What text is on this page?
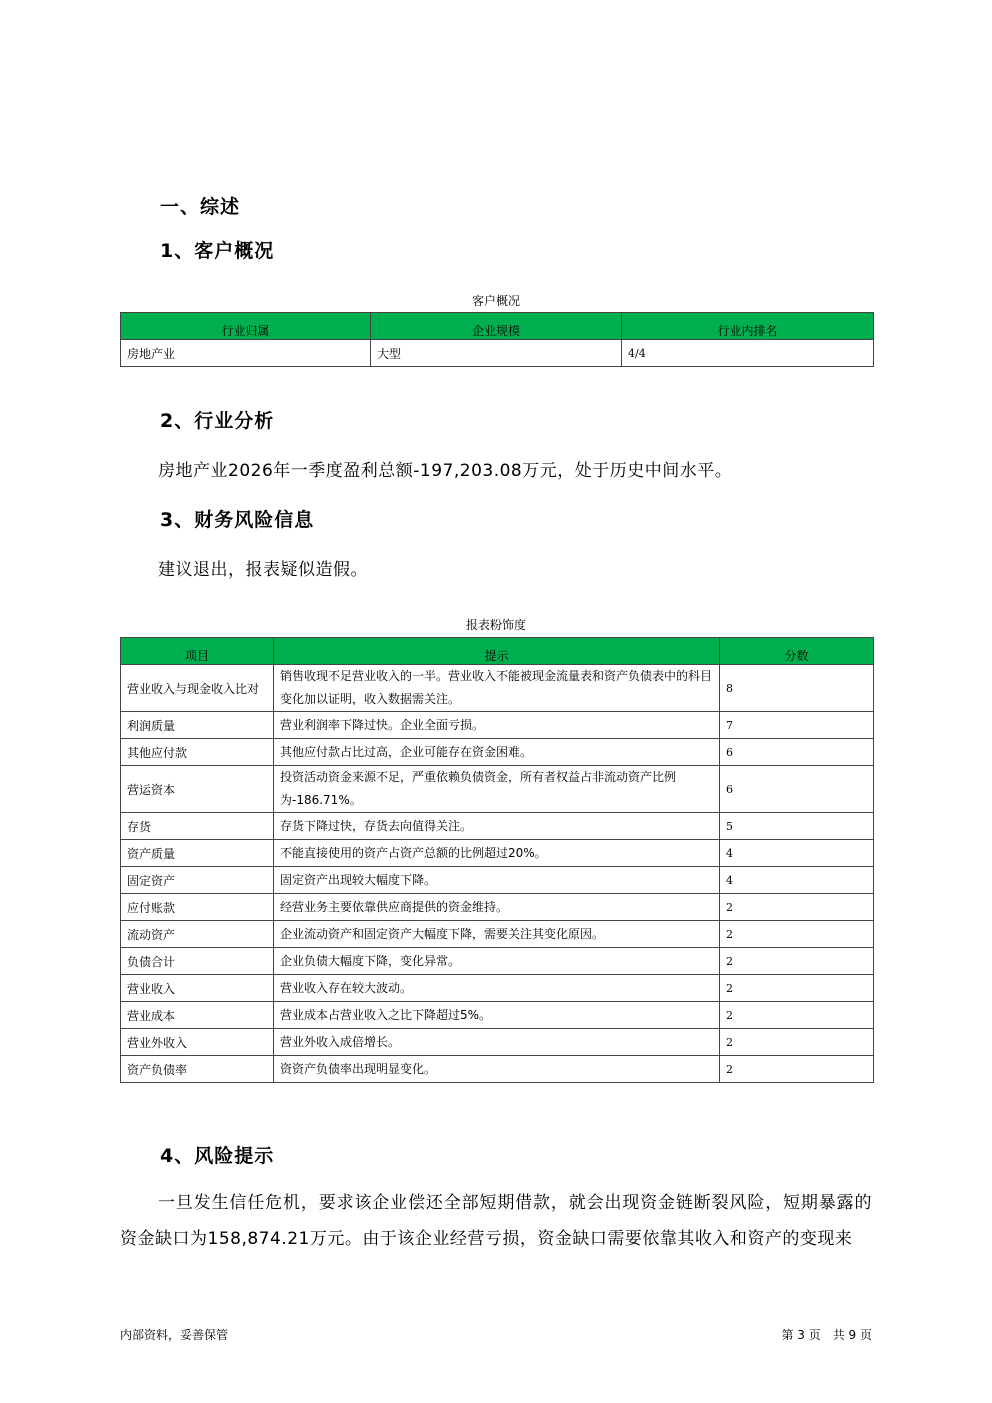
一、综述
1、客户概况
客户概况
行业归属	企业规模	行业内排名
房地产业	大型	4/4
2、行业分析
房地产业2026年一季度盈利总额-197,203.08万元，处于历史中间水平。
3、财务风险信息
建议退出，报表疑似造假。
报表粉饰度
项目	提示	分数
营业收入与现金收入比对	销售收现不足营业收入的一半。营业收入不能被现金流量表和资产负债表中的科目变化加以证明，收入数据需关注。	8
利润质量	营业利润率下降过快。企业全面亏损。	7
其他应付款	其他应付款占比过高，企业可能存在资金困难。	6
营运资本	投资活动资金来源不足，严重依赖负债资金，所有者权益占非流动资产比例为-186.71%。	6
存货	存货下降过快，存货去向值得关注。	5
资产质量	不能直接使用的资产占资产总额的比例超过20%。	4
固定资产	固定资产出现较大幅度下降。	4
应付账款	经营业务主要依靠供应商提供的资金维持。	2
流动资产	企业流动资产和固定资产大幅度下降，需要关注其变化原因。	2
负债合计	企业负债大幅度下降，变化异常。	2
营业收入	营业收入存在较大波动。	2
营业成本	营业成本占营业收入之比下降超过5%。	2
营业外收入	营业外收入成倍增长。	2
资产负债率	资资产负债率出现明显变化。	2
4、风险提示
一旦发生信任危机，要求该企业偿还全部短期借款，就会出现资金链断裂风险，短期暴露的资金缺口为158,874.21万元。由于该企业经营亏损，资金缺口需要依靠其收入和资产的变现来
内部资料，妥善保管	第 3 页　共 9 页
